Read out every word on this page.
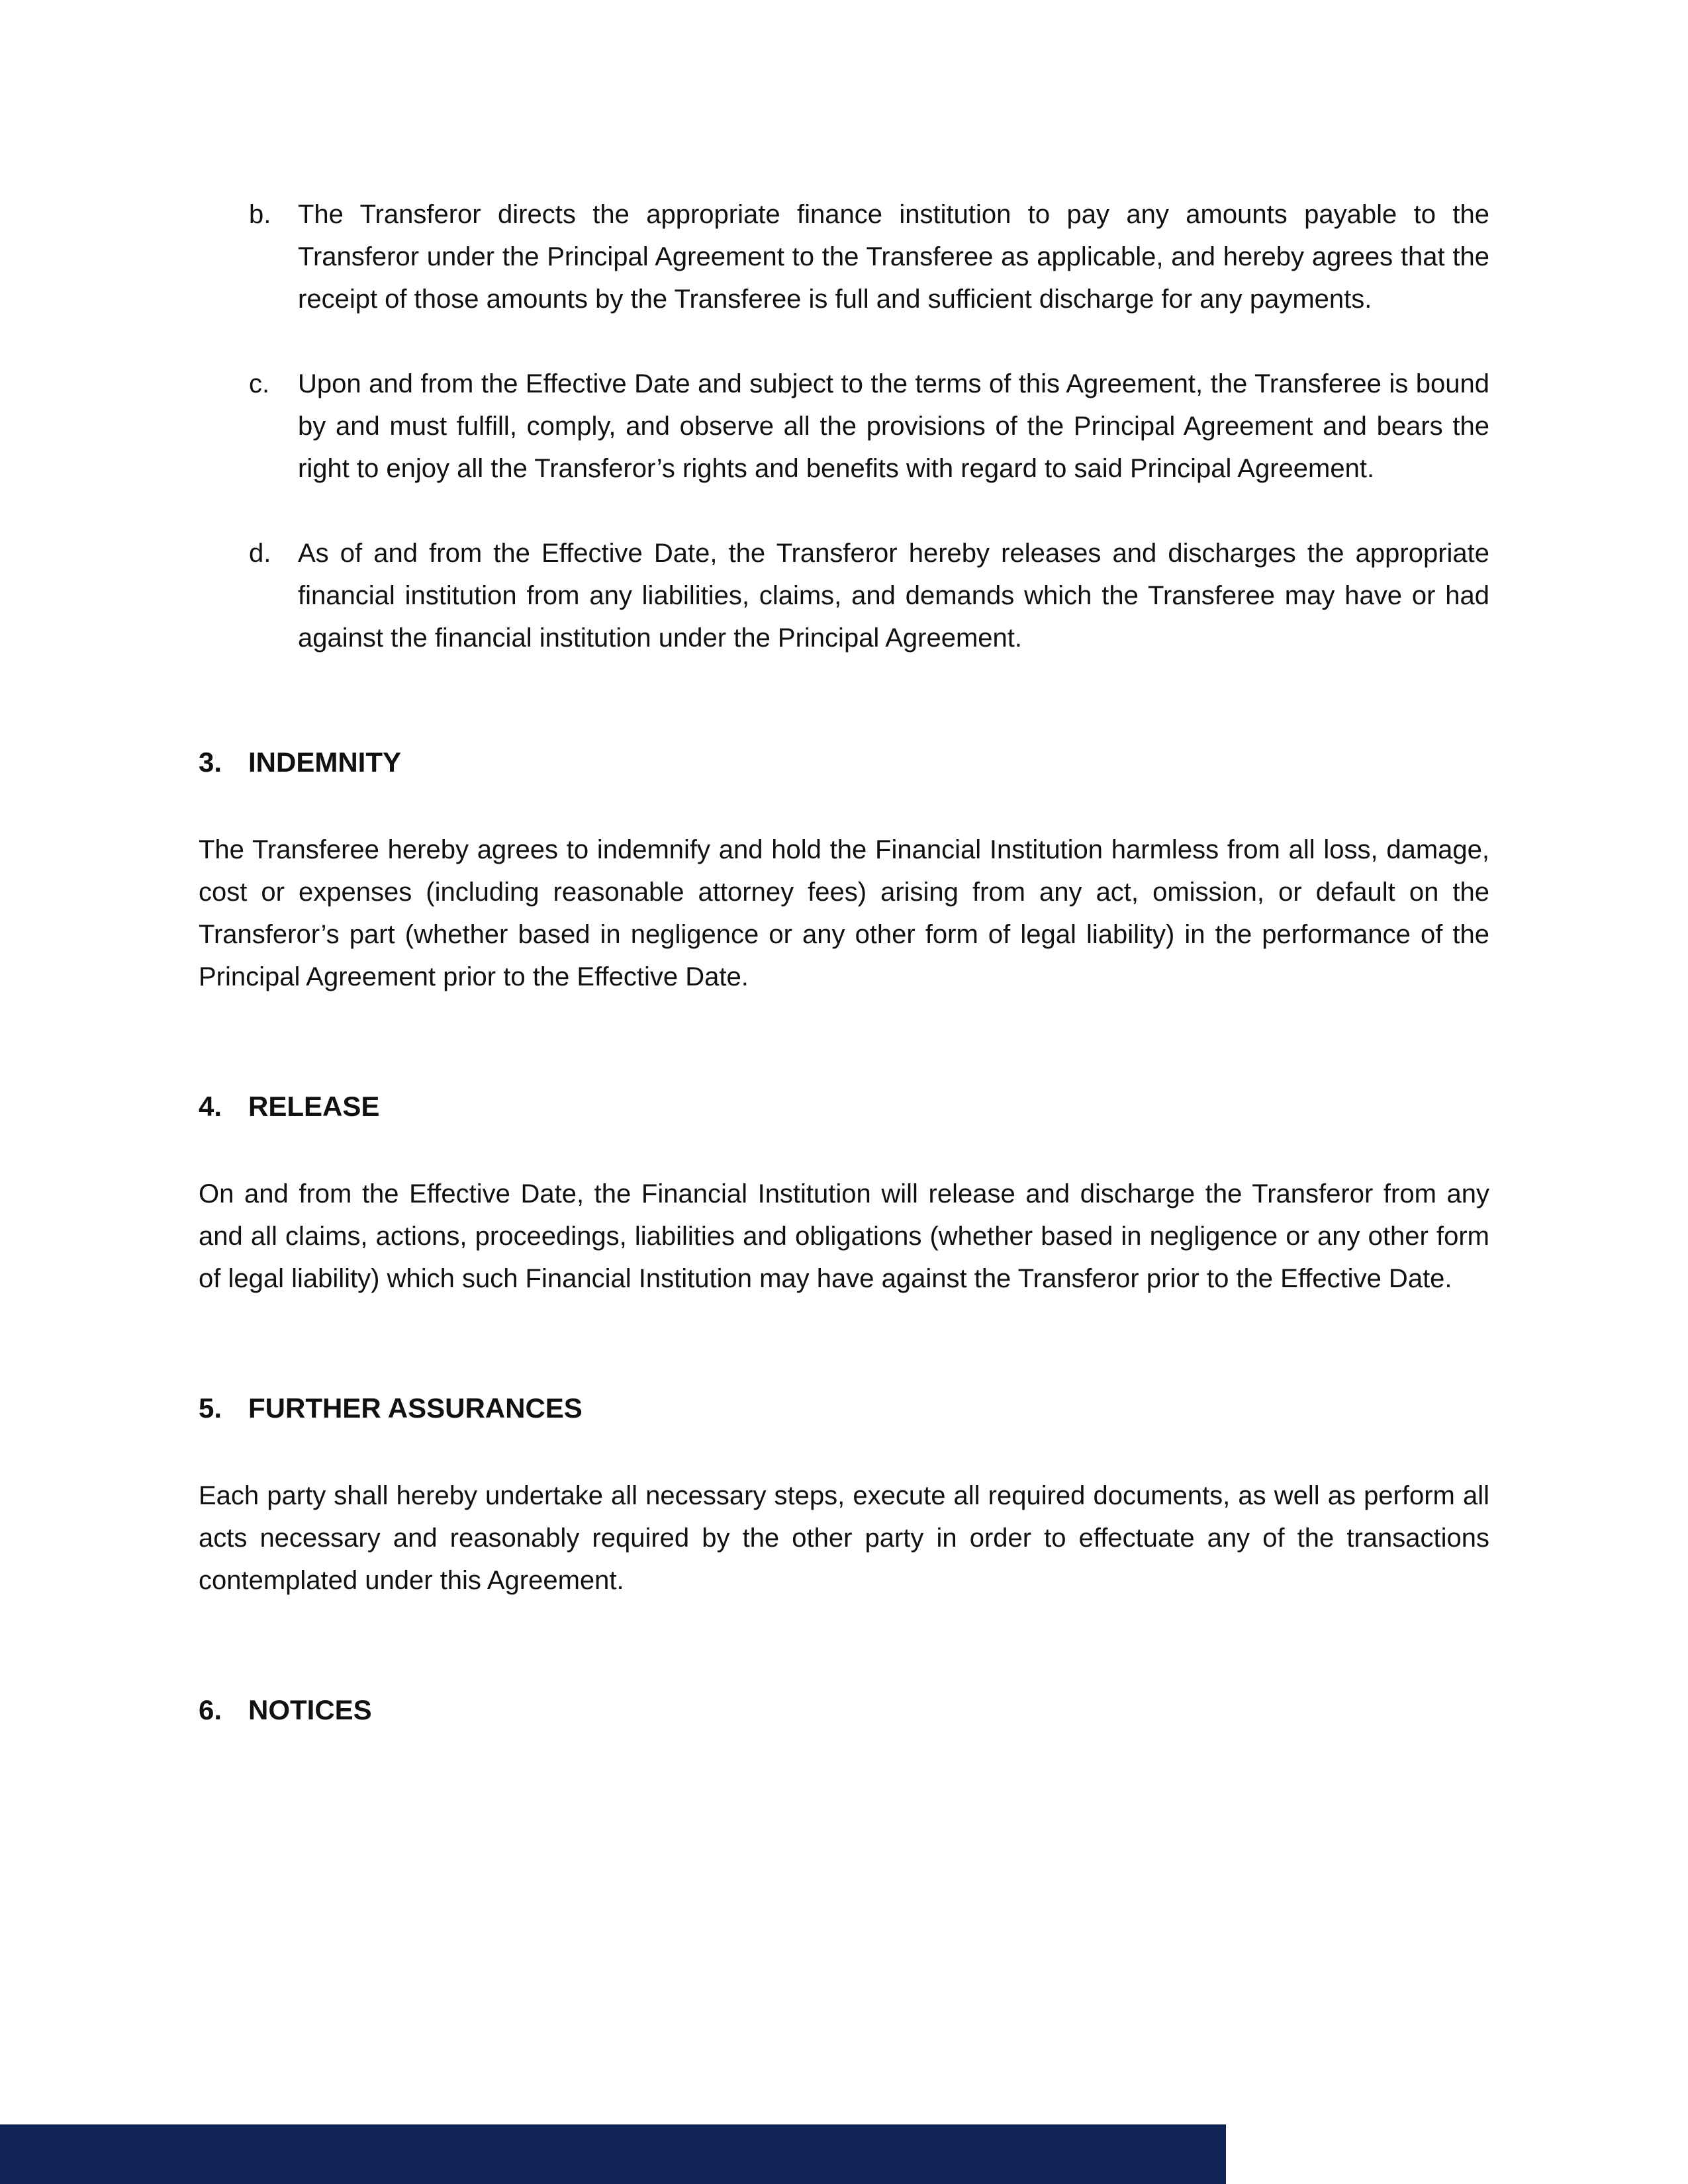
b. The Transferor directs the appropriate finance institution to pay any amounts payable to the Transferor under the Principal Agreement to the Transferee as applicable, and hereby agrees that the receipt of those amounts by the Transferee is full and sufficient discharge for any payments.
c. Upon and from the Effective Date and subject to the terms of this Agreement, the Transferee is bound by and must fulfill, comply, and observe all the provisions of the Principal Agreement and bears the right to enjoy all the Transferor’s rights and benefits with regard to said Principal Agreement.
d. As of and from the Effective Date, the Transferor hereby releases and discharges the appropriate financial institution from any liabilities, claims, and demands which the Transferee may have or had against the financial institution under the Principal Agreement.
3. INDEMNITY

The Transferee hereby agrees to indemnify and hold the Financial Institution harmless from all loss, damage, cost or expenses (including reasonable attorney fees) arising from any act, omission, or default on the Transferor’s part (whether based in negligence or any other form of legal liability) in the performance of the Principal Agreement prior to the Effective Date.

4. RELEASE

On and from the Effective Date, the Financial Institution will release and discharge the Transferor from any and all claims, actions, proceedings, liabilities and obligations (whether based in negligence or any other form of legal liability) which such Financial Institution may have against the Transferor prior to the Effective Date.

5. FURTHER ASSURANCES

Each party shall hereby undertake all necessary steps, execute all required documents, as well as perform all acts necessary and reasonably required by the other party in order to effectuate any of the transactions contemplated under this Agreement.

6. NOTICES
